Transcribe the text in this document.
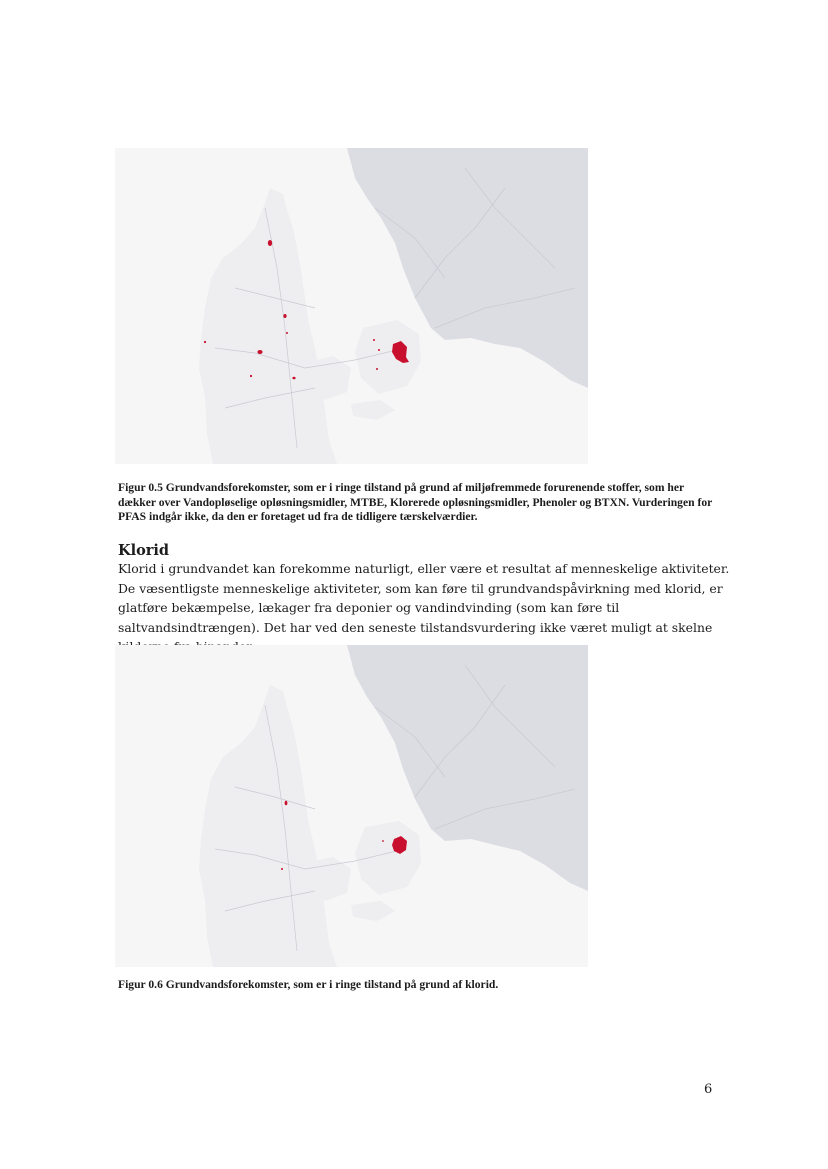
Figur 0.5 Grundvandsforekomster, som er i ringe tilstand på grund af miljøfremmede forurenende stoffer, som her dækker over Vandopløselige opløsningsmidler, MTBE, Klorerede opløsningsmidler, Phenoler og BTXN. Vurderingen for PFAS indgår ikke, da den er foretaget ud fra de tidligere tærskelværdier.

Klorid

Klorid i grundvandet kan forekomme naturligt, eller være et resultat af menneskelige aktiviteter. De væsentligste menneskelige aktiviteter, som kan føre til grundvandspåvirkning med klorid, er glatføre bekæmpelse, lækager fra deponier og vandindvinding (som kan føre til saltvandsindtrængen). Det har ved den seneste tilstandsvurdering ikke været muligt at skelne

Figur 0.6 Grundvandsforekomster, som er i ringe tilstand på grund af klorid.

6
